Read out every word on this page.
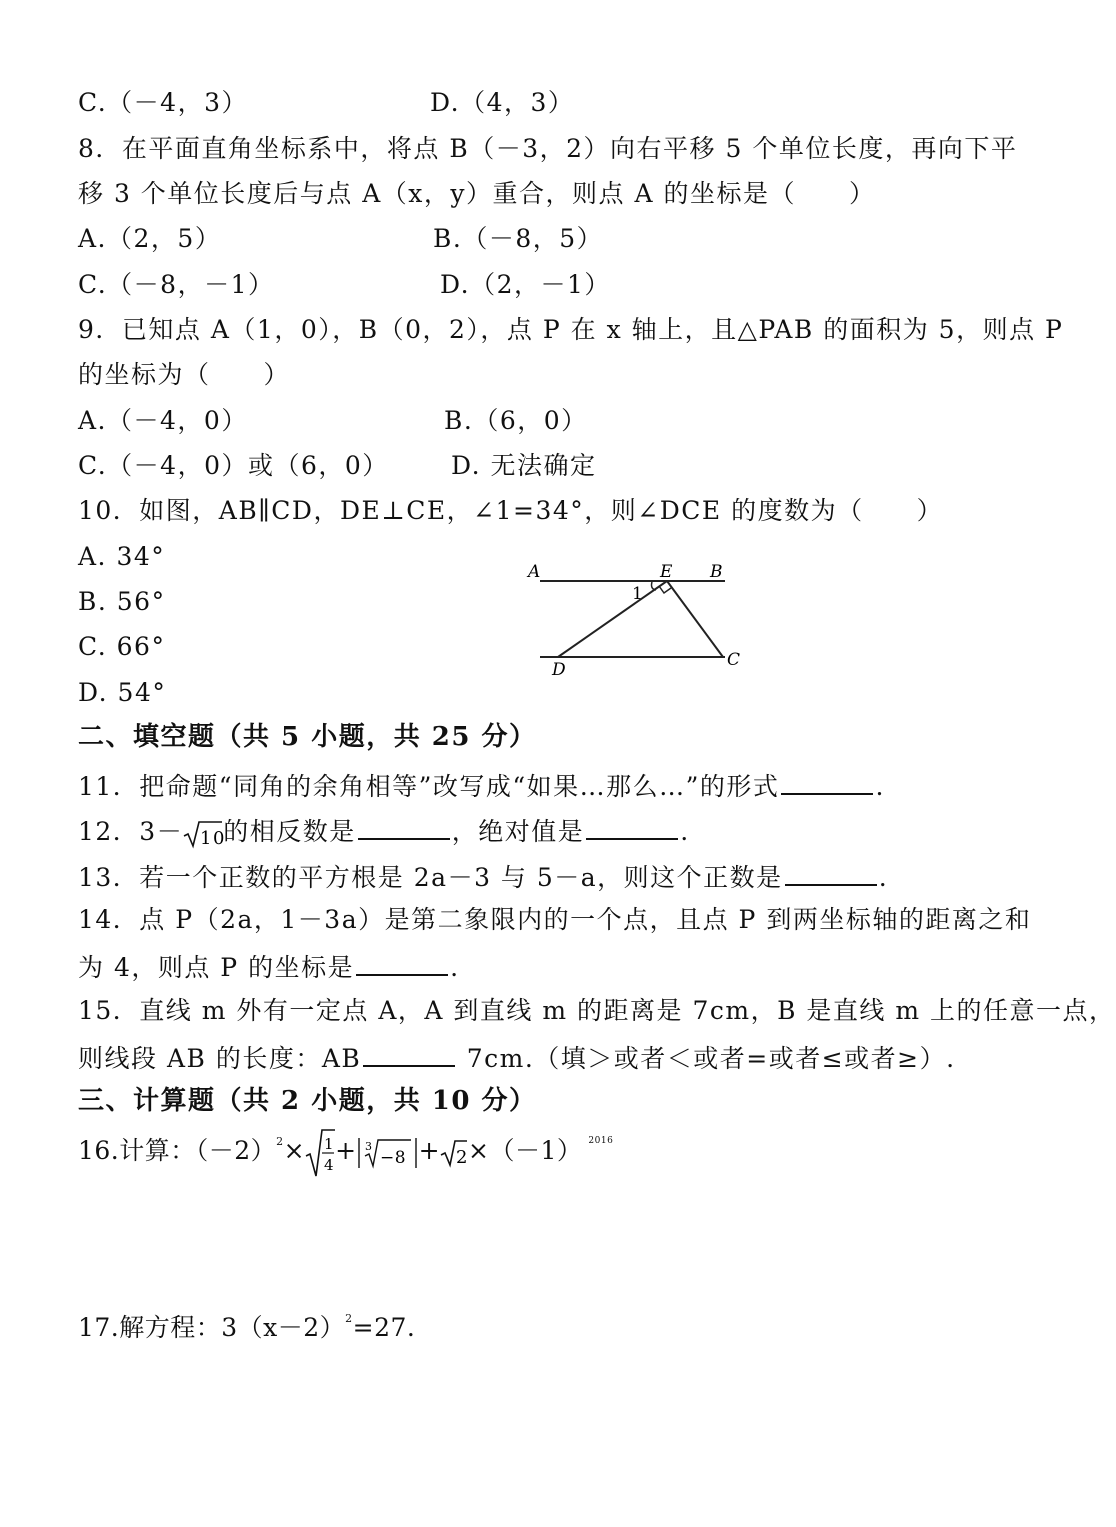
C.（－4，3）	D.（4，3）
8．在平面直角坐标系中，将点 B（－3，2）向右平移 5 个单位长度，再向下平
移 3 个单位长度后与点 A（x，y）重合，则点 A 的坐标是（　　）
A.（2，5）	B.（－8，5）
C.（－8，－1）	D.（2，－1）
9．已知点 A（1，0），B（0，2），点 P 在 x 轴上，且△PAB 的面积为 5，则点 P
的坐标为（　　）
A.（－4，0）	B.（6，0）
C.（－4，0）或（6，0） D. 无法确定
10．如图，AB∥CD，DE⊥CE，∠1=34°，则∠DCE 的度数为（　　）
A. 34°
B. 56°
C. 66°
D. 54°
A	E B
1
D	C
二、填空题（共 5 小题，共 25 分）
11．把命题“同角的余角相等”改写成“如果…那么…”的形式	.
12．3－ 10
的相反数是	，绝对值是	.
13．若一个正数的平方根是 2a－3 与 5－a，则这个正数是	.
14．点 P（2a，1－3a）是第二象限内的一个点，且点 P 到两坐标轴的距离之和
为 4，则点 P 的坐标是	.
15．直线 m 外有一定点 A，A 到直线 m 的距离是 7cm，B 是直线 m 上的任意一点，
则线段 AB 的长度：AB	7cm.（填＞或者＜或者=或者≤或者≥）.
三、计算题（共 2 小题，共 10 分）
16.计算：$(-2)^2\times 1$
4 + 3
−8 + 2 ×（－1） $^{2016}$
17.解方程：$3(x-2)^2=27$.
